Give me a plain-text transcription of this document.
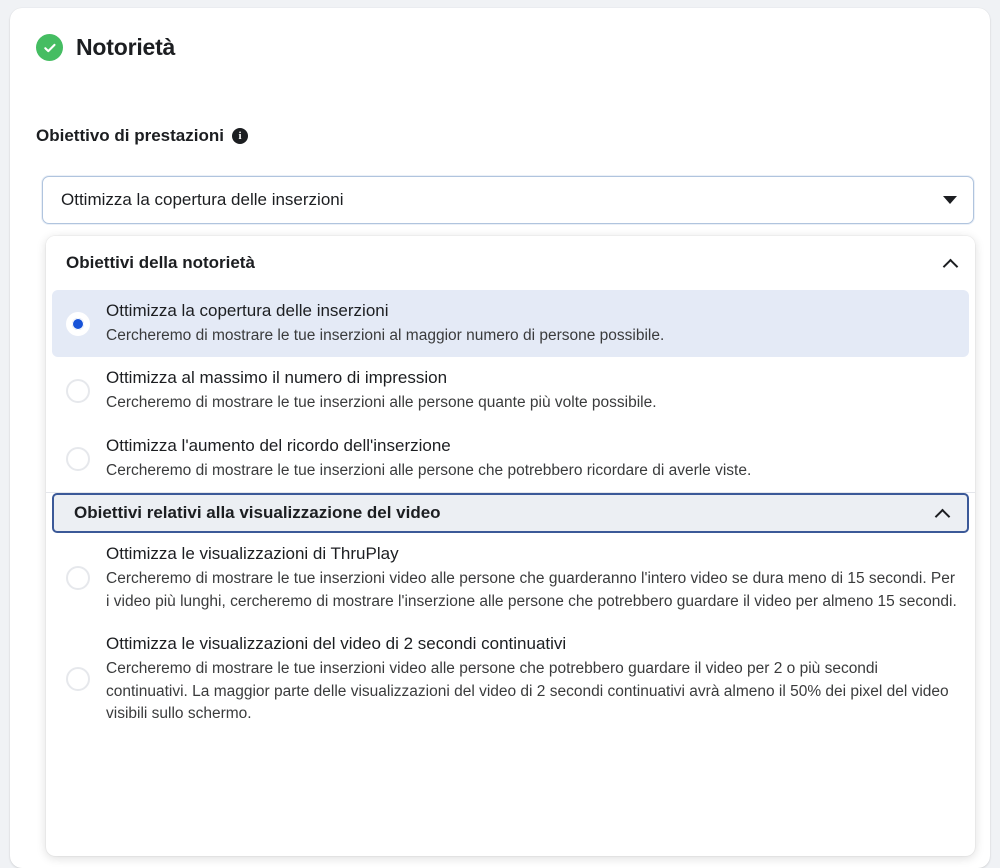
Notorietà
Obiettivo di prestazioni	i
Ottimizza la copertura delle inserzioni
Obiettivi della notorietà
Ottimizza la copertura delle inserzioni
Cercheremo di mostrare le tue inserzioni al maggior numero di persone possibile.
Ottimizza al massimo il numero di impression
Cercheremo di mostrare le tue inserzioni alle persone quante più volte possibile.
Ottimizza l'aumento del ricordo dell'inserzione
Cercheremo di mostrare le tue inserzioni alle persone che potrebbero ricordare di averle viste.
Obiettivi relativi alla visualizzazione del video
Ottimizza le visualizzazioni di ThruPlay
Cercheremo di mostrare le tue inserzioni video alle persone che guarderanno l'intero video se dura meno di 15 secondi. Per i video più lunghi, cercheremo di mostrare l'inserzione alle persone che potrebbero guardare il video per almeno 15 secondi.
Ottimizza le visualizzazioni del video di 2 secondi continuativi
Cercheremo di mostrare le tue inserzioni video alle persone che potrebbero guardare il video per 2 o più secondi continuativi. La maggior parte delle visualizzazioni del video di 2 secondi continuativi avrà almeno il 50% dei pixel del video visibili sullo schermo.
